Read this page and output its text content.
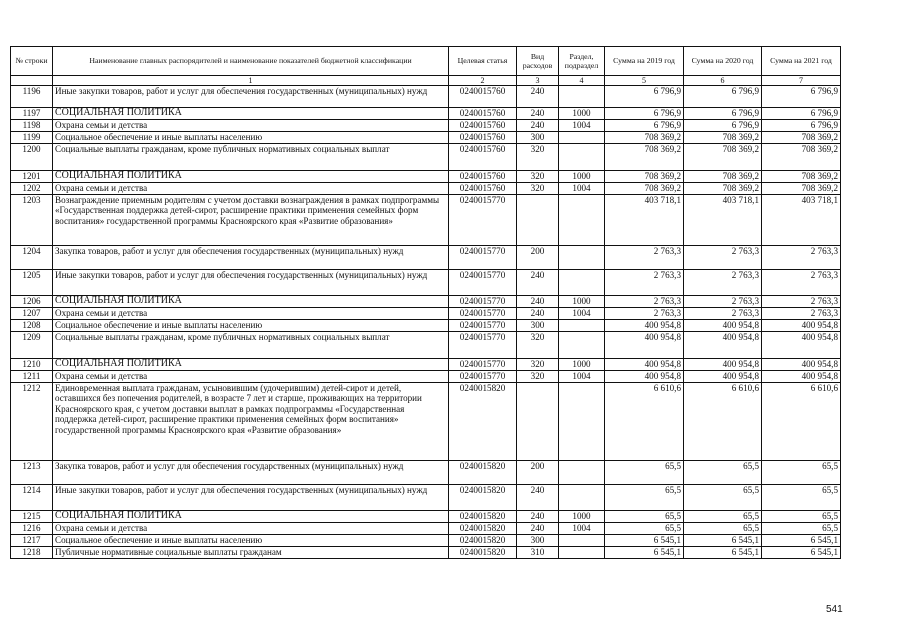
№ строки	Наименование главных распорядителей и наименование показателей бюджетной классификации	Целевая статья	Вид расходов	Раздел, подраздел	Сумма на 2019 год	Сумма на 2020 год	Сумма на 2021 год
	1	2	3	4	5	6	7
1196	Иные закупки товаров, работ и услуг для обеспечения государственных (муниципальных) нужд	0240015760	240		6 796,9	6 796,9	6 796,9
1197	СОЦИАЛЬНАЯ ПОЛИТИКА	0240015760	240	1000	6 796,9	6 796,9	6 796,9
1198	Охрана семьи и детства	0240015760	240	1004	6 796,9	6 796,9	6 796,9
1199	Социальное обеспечение и иные выплаты населению	0240015760	300		708 369,2	708 369,2	708 369,2
1200	Социальные выплаты гражданам, кроме публичных нормативных социальных выплат	0240015760	320		708 369,2	708 369,2	708 369,2
1201	СОЦИАЛЬНАЯ ПОЛИТИКА	0240015760	320	1000	708 369,2	708 369,2	708 369,2
1202	Охрана семьи и детства	0240015760	320	1004	708 369,2	708 369,2	708 369,2
1203	Вознаграждение приемным родителям с учетом доставки вознаграждения в рамках подпрограммы «Государственная поддержка детей-сирот, расширение практики применения семейных форм воспитания» государственной программы Красноярского края «Развитие образования»	0240015770			403 718,1	403 718,1	403 718,1
1204	Закупка товаров, работ и услуг для обеспечения государственных (муниципальных) нужд	0240015770	200		2 763,3	2 763,3	2 763,3
1205	Иные закупки товаров, работ и услуг для обеспечения государственных (муниципальных) нужд	0240015770	240		2 763,3	2 763,3	2 763,3
1206	СОЦИАЛЬНАЯ ПОЛИТИКА	0240015770	240	1000	2 763,3	2 763,3	2 763,3
1207	Охрана семьи и детства	0240015770	240	1004	2 763,3	2 763,3	2 763,3
1208	Социальное обеспечение и иные выплаты населению	0240015770	300		400 954,8	400 954,8	400 954,8
1209	Социальные выплаты гражданам, кроме публичных нормативных социальных выплат	0240015770	320		400 954,8	400 954,8	400 954,8
1210	СОЦИАЛЬНАЯ ПОЛИТИКА	0240015770	320	1000	400 954,8	400 954,8	400 954,8
1211	Охрана семьи и детства	0240015770	320	1004	400 954,8	400 954,8	400 954,8
1212	Единовременная выплата гражданам, усыновившим (удочерившим) детей-сирот и детей, оставшихся без попечения родителей, в возрасте 7 лет и старше, проживающих на территории Красноярского края, с учетом доставки выплат в рамках подпрограммы «Государственная поддержка детей-сирот, расширение практики применения семейных форм воспитания» государственной программы Красноярского края «Развитие образования»	0240015820			6 610,6	6 610,6	6 610,6
1213	Закупка товаров, работ и услуг для обеспечения государственных (муниципальных) нужд	0240015820	200		65,5	65,5	65,5
1214	Иные закупки товаров, работ и услуг для обеспечения государственных (муниципальных) нужд	0240015820	240		65,5	65,5	65,5
1215	СОЦИАЛЬНАЯ ПОЛИТИКА	0240015820	240	1000	65,5	65,5	65,5
1216	Охрана семьи и детства	0240015820	240	1004	65,5	65,5	65,5
1217	Социальное обеспечение и иные выплаты населению	0240015820	300		6 545,1	6 545,1	6 545,1
1218	Публичные нормативные социальные выплаты гражданам	0240015820	310		6 545,1	6 545,1	6 545,1
541
